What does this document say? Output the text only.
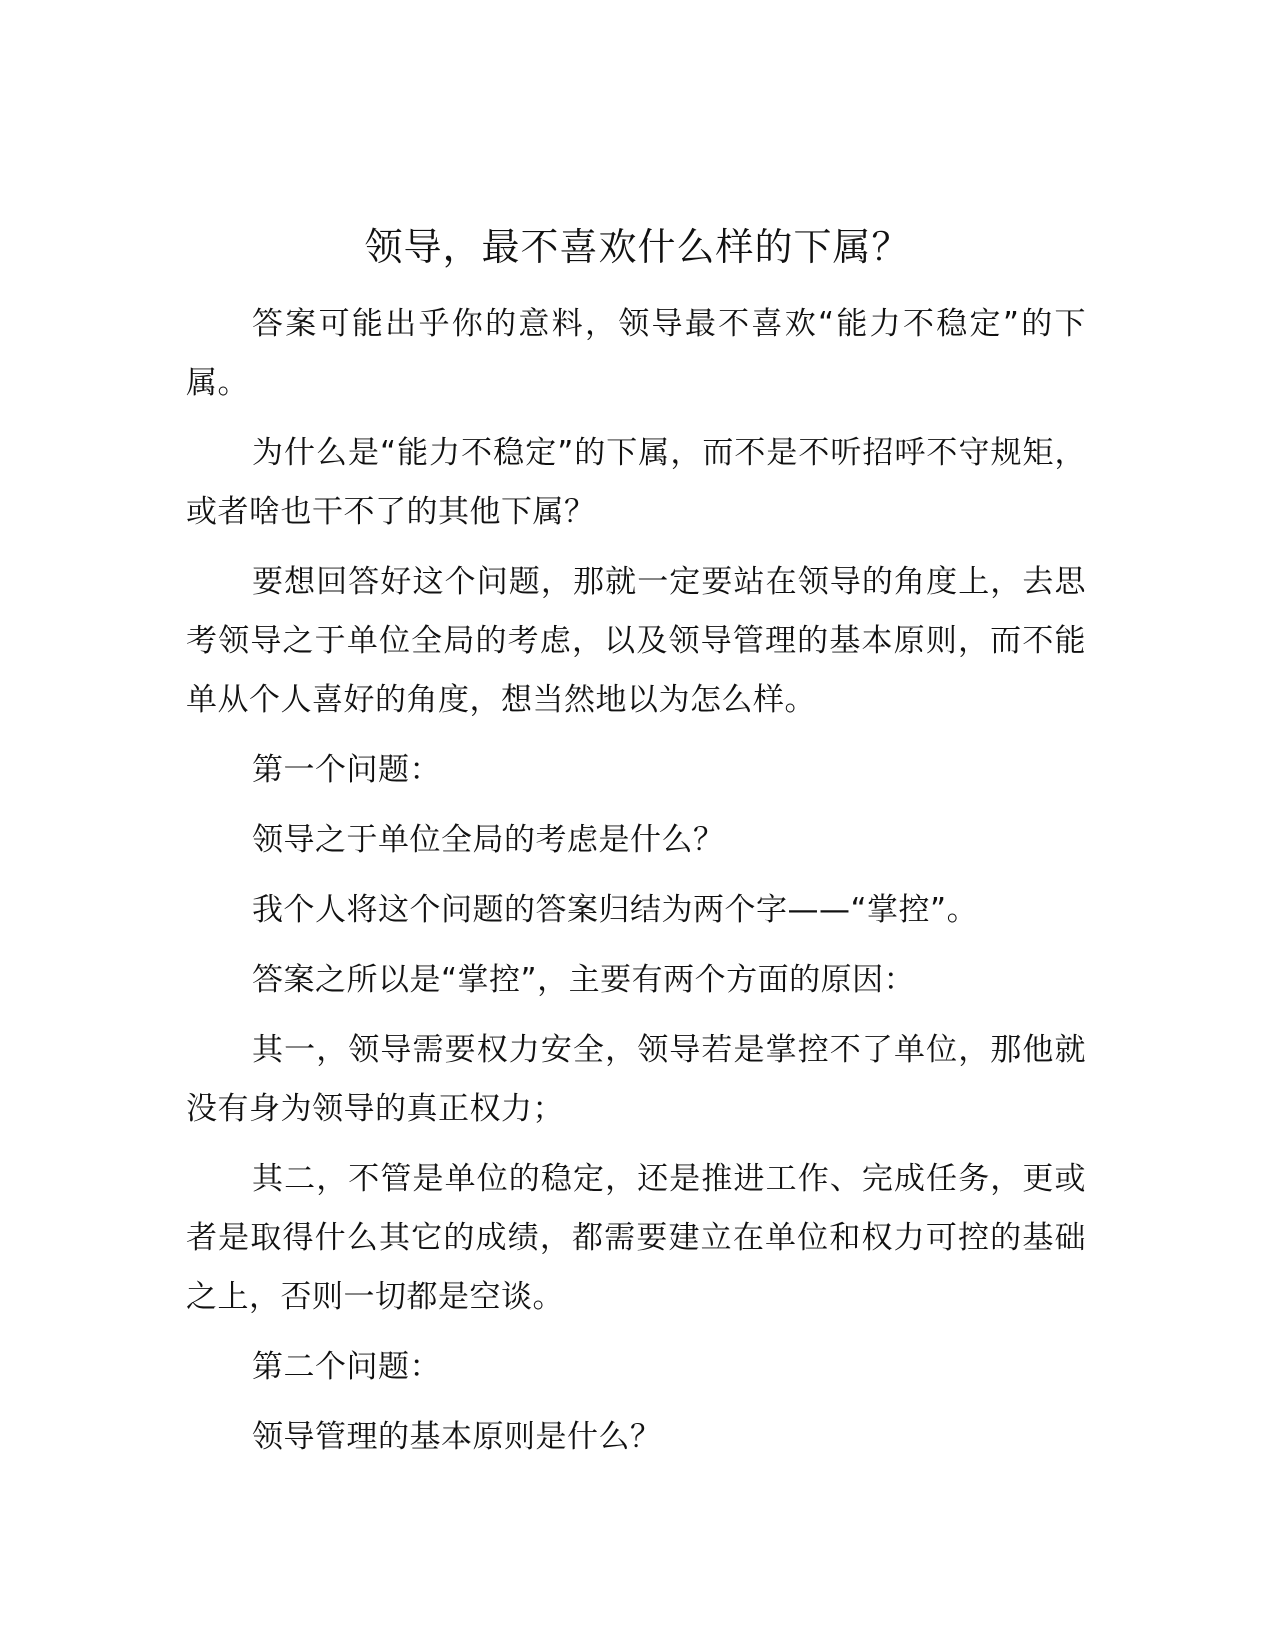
领导，最不喜欢什么样的下属？

答案可能出乎你的意料，领导最不喜欢“能力不稳定”的下属。

为什么是“能力不稳定”的下属，而不是不听招呼不守规矩，或者啥也干不了的其他下属？

要想回答好这个问题，那就一定要站在领导的角度上，去思考领导之于单位全局的考虑，以及领导管理的基本原则，而不能单从个人喜好的角度，想当然地以为怎么样。

第一个问题：

领导之于单位全局的考虑是什么？

我个人将这个问题的答案归结为两个字——“掌控”。

答案之所以是“掌控”，主要有两个方面的原因：

其一，领导需要权力安全，领导若是掌控不了单位，那他就没有身为领导的真正权力；

其二，不管是单位的稳定，还是推进工作、完成任务，更或者是取得什么其它的成绩，都需要建立在单位和权力可控的基础之上，否则一切都是空谈。

第二个问题：

领导管理的基本原则是什么？
